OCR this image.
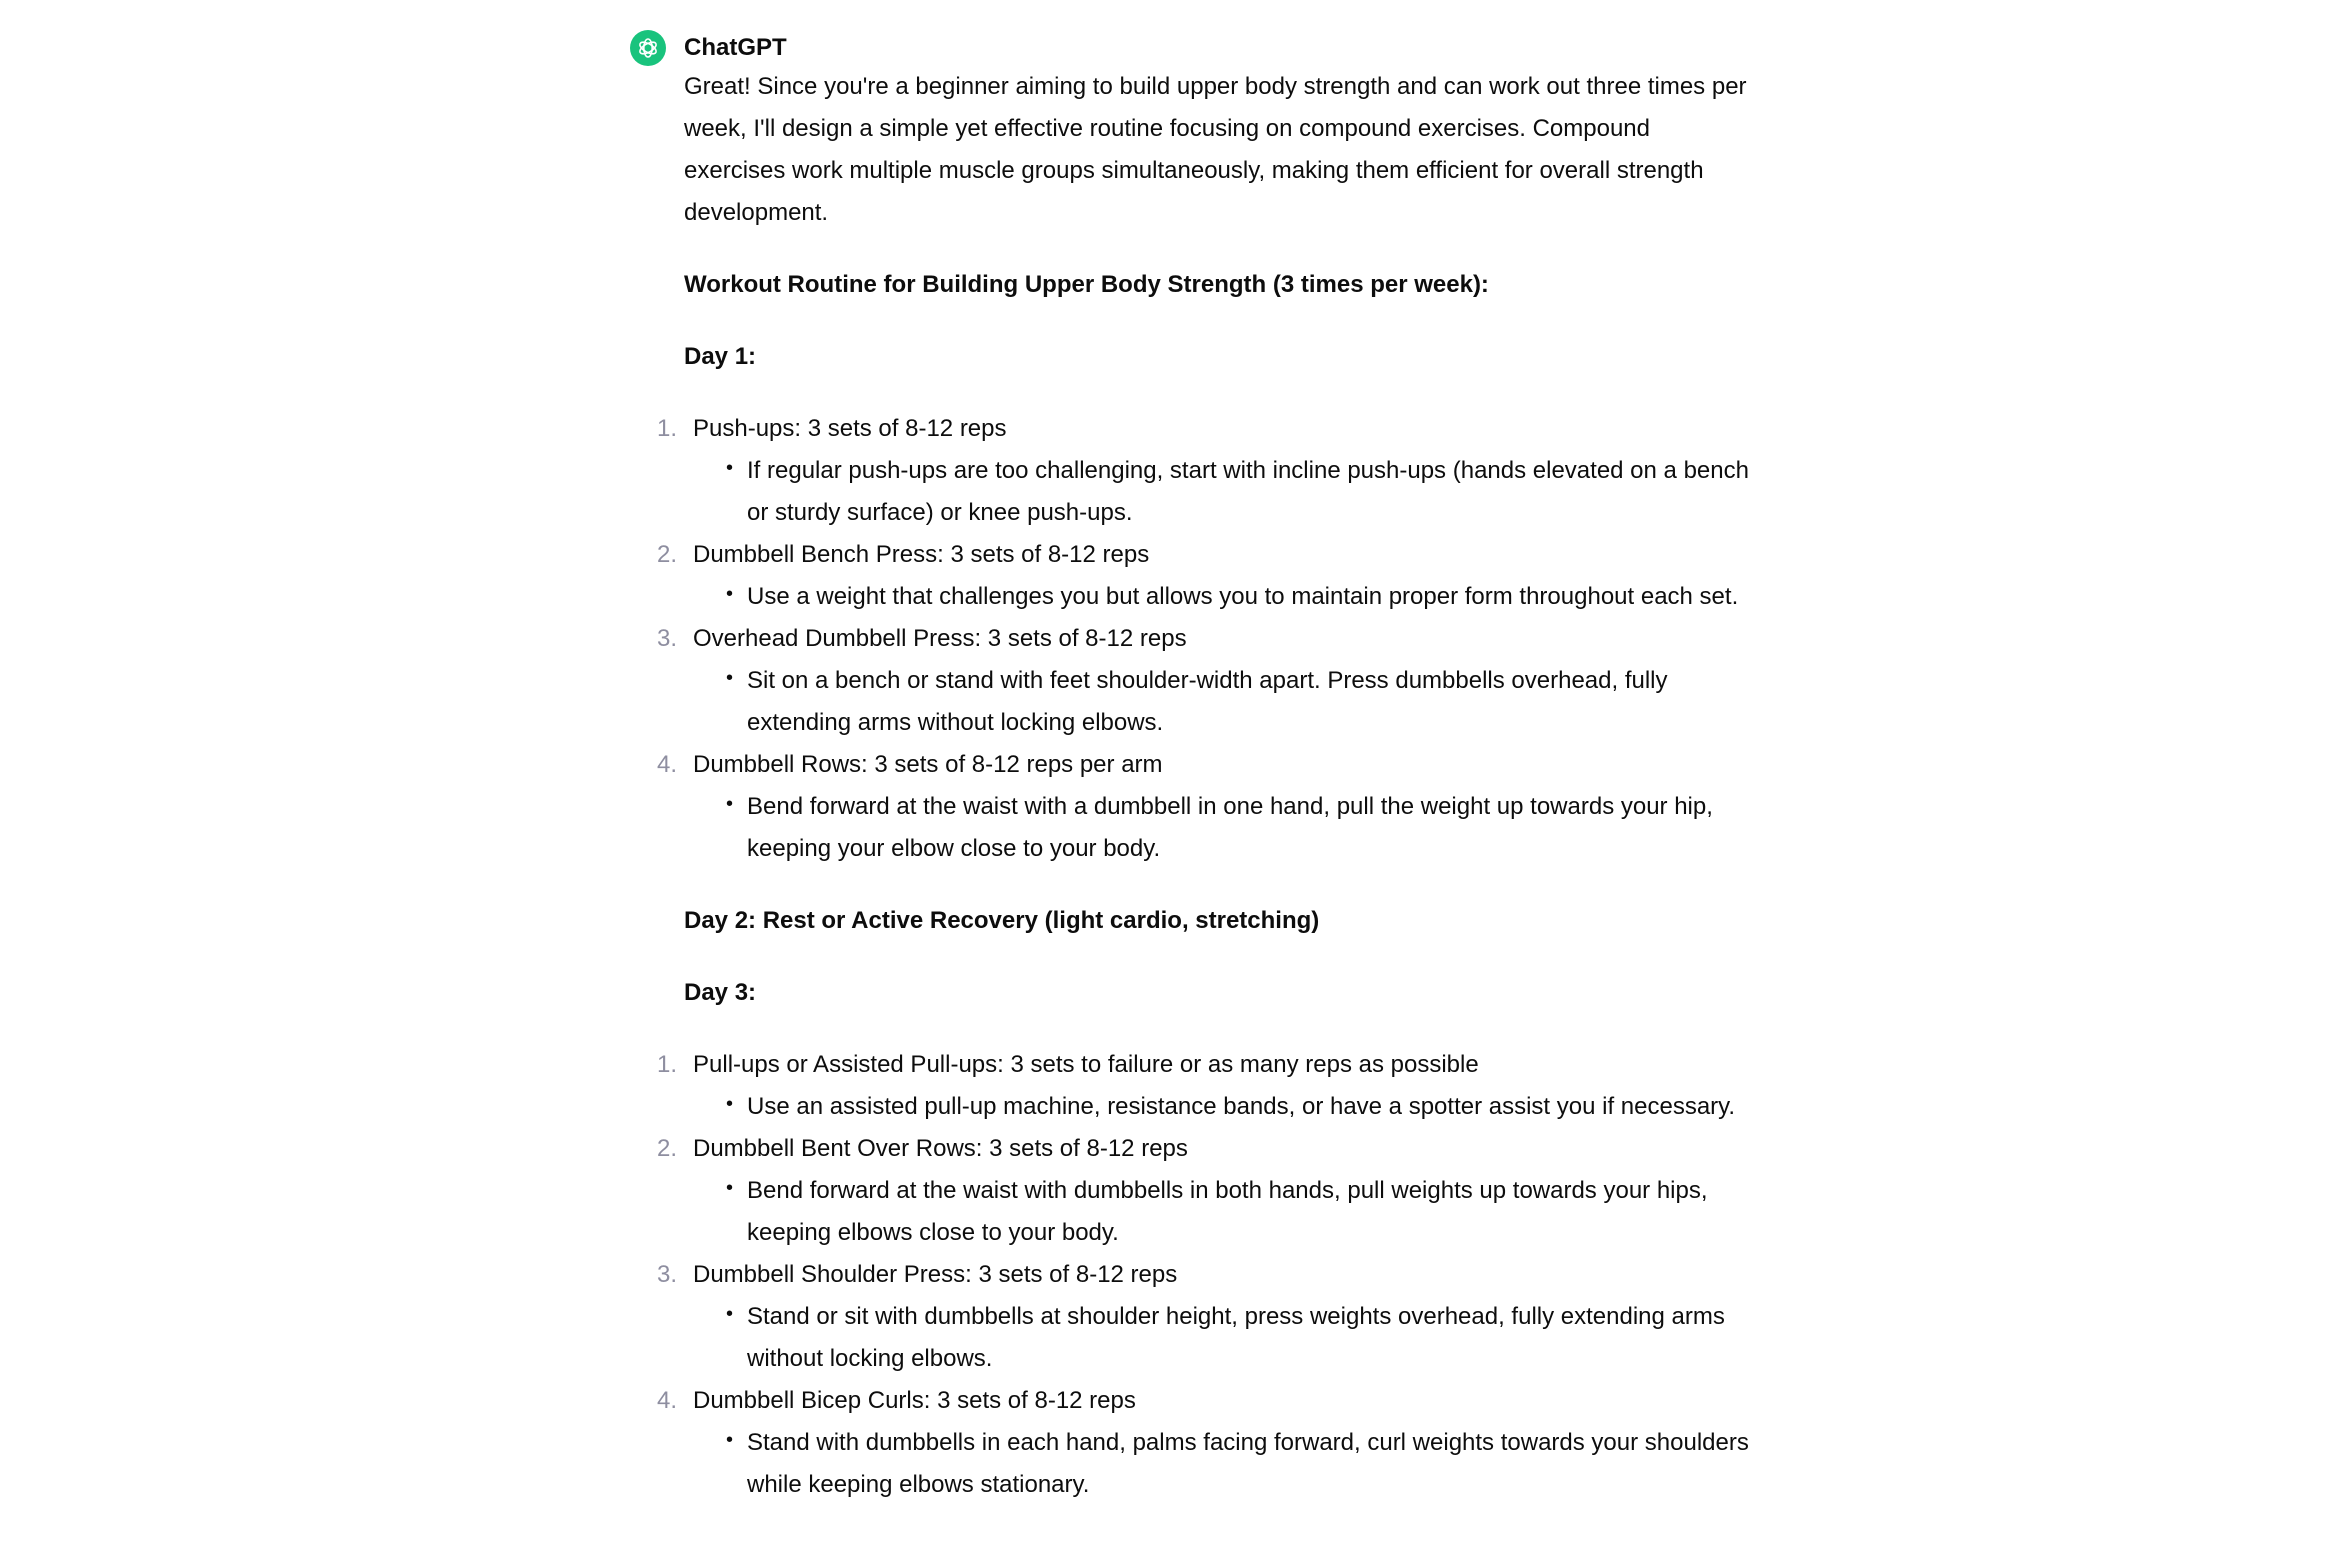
ChatGPT

Great! Since you're a beginner aiming to build upper body strength and can work out three times per week, I'll design a simple yet effective routine focusing on compound exercises. Compound exercises work multiple muscle groups simultaneously, making them efficient for overall strength development.

Workout Routine for Building Upper Body Strength (3 times per week):

Day 1:

1. Push-ups: 3 sets of 8-12 reps
• If regular push-ups are too challenging, start with incline push-ups (hands elevated on a bench or sturdy surface) or knee push-ups.
2. Dumbbell Bench Press: 3 sets of 8-12 reps
• Use a weight that challenges you but allows you to maintain proper form throughout each set.
3. Overhead Dumbbell Press: 3 sets of 8-12 reps
• Sit on a bench or stand with feet shoulder-width apart. Press dumbbells overhead, fully extending arms without locking elbows.
4. Dumbbell Rows: 3 sets of 8-12 reps per arm
• Bend forward at the waist with a dumbbell in one hand, pull the weight up towards your hip, keeping your elbow close to your body.

Day 2: Rest or Active Recovery (light cardio, stretching)

Day 3:

1. Pull-ups or Assisted Pull-ups: 3 sets to failure or as many reps as possible
• Use an assisted pull-up machine, resistance bands, or have a spotter assist you if necessary.
2. Dumbbell Bent Over Rows: 3 sets of 8-12 reps
• Bend forward at the waist with dumbbells in both hands, pull weights up towards your hips, keeping elbows close to your body.
3. Dumbbell Shoulder Press: 3 sets of 8-12 reps
• Stand or sit with dumbbells at shoulder height, press weights overhead, fully extending arms without locking elbows.
4. Dumbbell Bicep Curls: 3 sets of 8-12 reps
• Stand with dumbbells in each hand, palms facing forward, curl weights towards your shoulders while keeping elbows stationary.
